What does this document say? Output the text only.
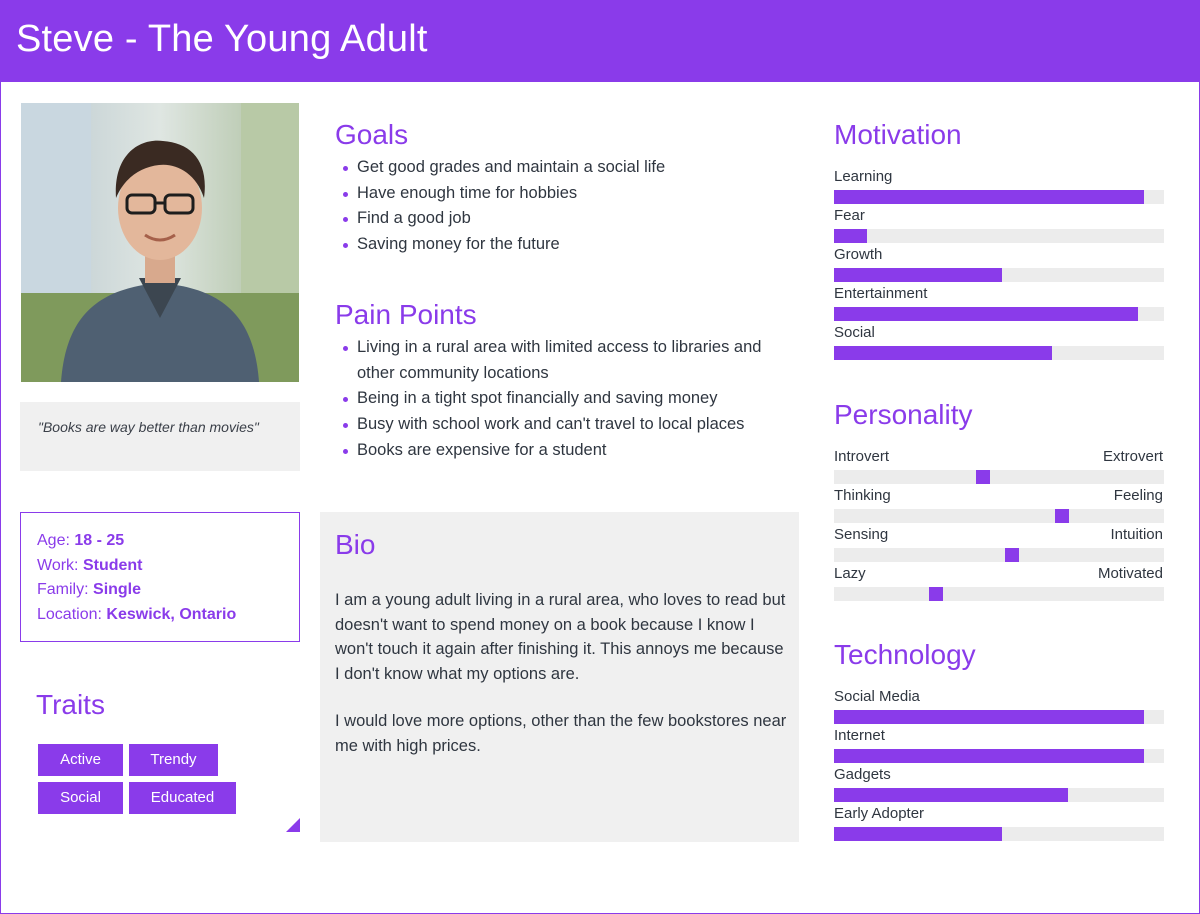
Steve - The Young Adult

"Books are way better than movies"

Age: 18 - 25
Work: Student
Family: Single
Location: Keswick, Ontario
Traits
Active	Trendy
Social	Educated
Goals
Get good grades and maintain a social life
Have enough time for hobbies
Find a good job
Saving money for the future
Pain Points
Living in a rural area with limited access to libraries and other community locations
Being in a tight spot financially and saving money
Busy with school work and can't travel to local places
Books are expensive for a student
Bio

I am a young adult living in a rural area, who loves to read but doesn't want to spend money on a book because I know I won't touch it again after finishing it. This annoys me because I don't know what my options are.

I would love more options, other than the few bookstores near me with high prices.

Motivation
Learning
Fear
Growth
Entertainment
Social
Personality
Introvert	Extrovert
Thinking	Feeling
Sensing	Intuition
Lazy	Motivated
Technology
Social Media
Internet
Gadgets
Early Adopter
